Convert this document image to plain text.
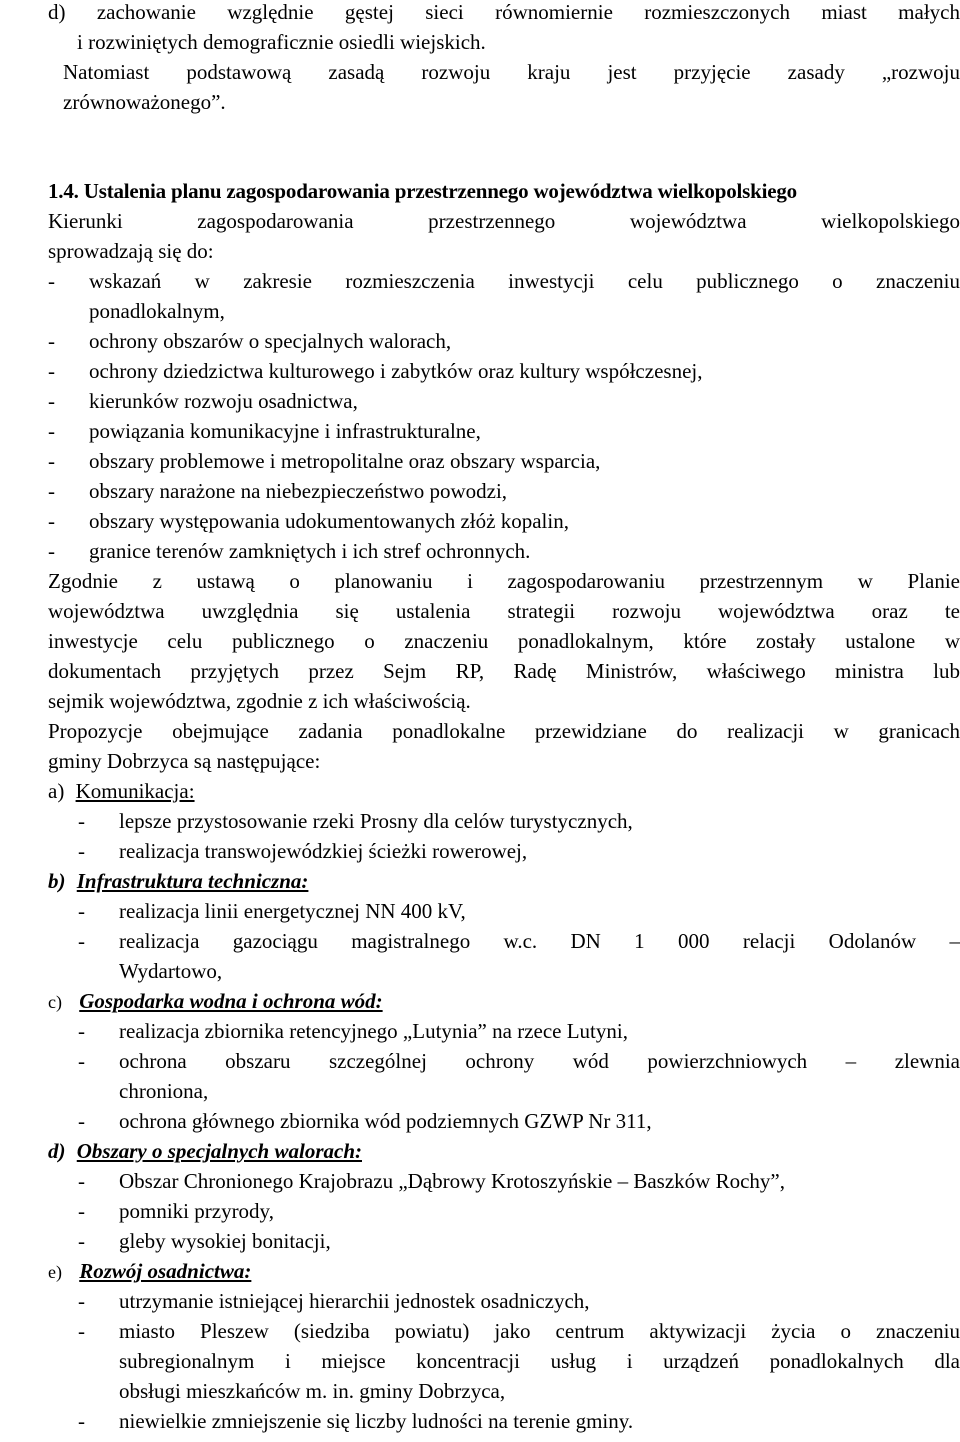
d) zachowanie względnie gęstej sieci równomiernie rozmieszczonych miast małych
i rozwiniętych demograficznie osiedli wiejskich.
Natomiast podstawową zasadą rozwoju kraju jest przyjęcie zasady „rozwoju
zrównoważonego”.
1.4. Ustalenia planu zagospodarowania przestrzennego województwa wielkopolskiego
Kierunki zagospodarowania przestrzennego województwa wielkopolskiego
sprowadzają się do:
-	wskazań w zakresie rozmieszczenia inwestycji celu publicznego o znaczeniu
ponadlokalnym,
-	ochrony obszarów o specjalnych walorach,
-	ochrony dziedzictwa kulturowego i zabytków oraz kultury współczesnej,
-	kierunków rozwoju osadnictwa,
-	powiązania komunikacyjne i infrastrukturalne,
-	obszary problemowe i metropolitalne oraz obszary wsparcia,
-	obszary narażone na niebezpieczeństwo powodzi,
-	obszary występowania udokumentowanych złóż kopalin,
-	granice terenów zamkniętych i ich stref ochronnych.
Zgodnie z ustawą o planowaniu i zagospodarowaniu przestrzennym w Planie
województwa uwzględnia się ustalenia strategii rozwoju województwa oraz te
inwestycje celu publicznego o znaczeniu ponadlokalnym, które zostały ustalone w
dokumentach przyjętych przez Sejm RP, Radę Ministrów, właściwego ministra lub
sejmik województwa, zgodnie z ich właściwością.
Propozycje obejmujące zadania ponadlokalne przewidziane do realizacji w granicach
gminy Dobrzyca są następujące:
a) Komunikacja:
-	lepsze przystosowanie rzeki Prosny dla celów turystycznych,
-	realizacja transwojewódzkiej ścieżki rowerowej,
b) Infrastruktura techniczna:
-	realizacja linii energetycznej NN 400 kV,
-	realizacja gazociągu magistralnego w.c. DN 1 000 relacji Odolanów –
Wydartowo,
c) Gospodarka wodna i ochrona wód:
-	realizacja zbiornika retencyjnego „Lutynia” na rzece Lutyni,
-	ochrona obszaru szczególnej ochrony wód powierzchniowych – zlewnia
chroniona,
-	ochrona głównego zbiornika wód podziemnych GZWP Nr 311,
d) Obszary o specjalnych walorach:
-	Obszar Chronionego Krajobrazu „Dąbrowy Krotoszyńskie – Baszków Rochy”,
-	pomniki przyrody,
-	gleby wysokiej bonitacji,
e) Rozwój osadnictwa:
-	utrzymanie istniejącej hierarchii jednostek osadniczych,
-	miasto Pleszew (siedziba powiatu) jako centrum aktywizacji życia o znaczeniu
subregionalnym i miejsce koncentracji usług i urządzeń ponadlokalnych dla
obsługi mieszkańców m. in. gminy Dobrzyca,
-	niewielkie zmniejszenie się liczby ludności na terenie gminy.
